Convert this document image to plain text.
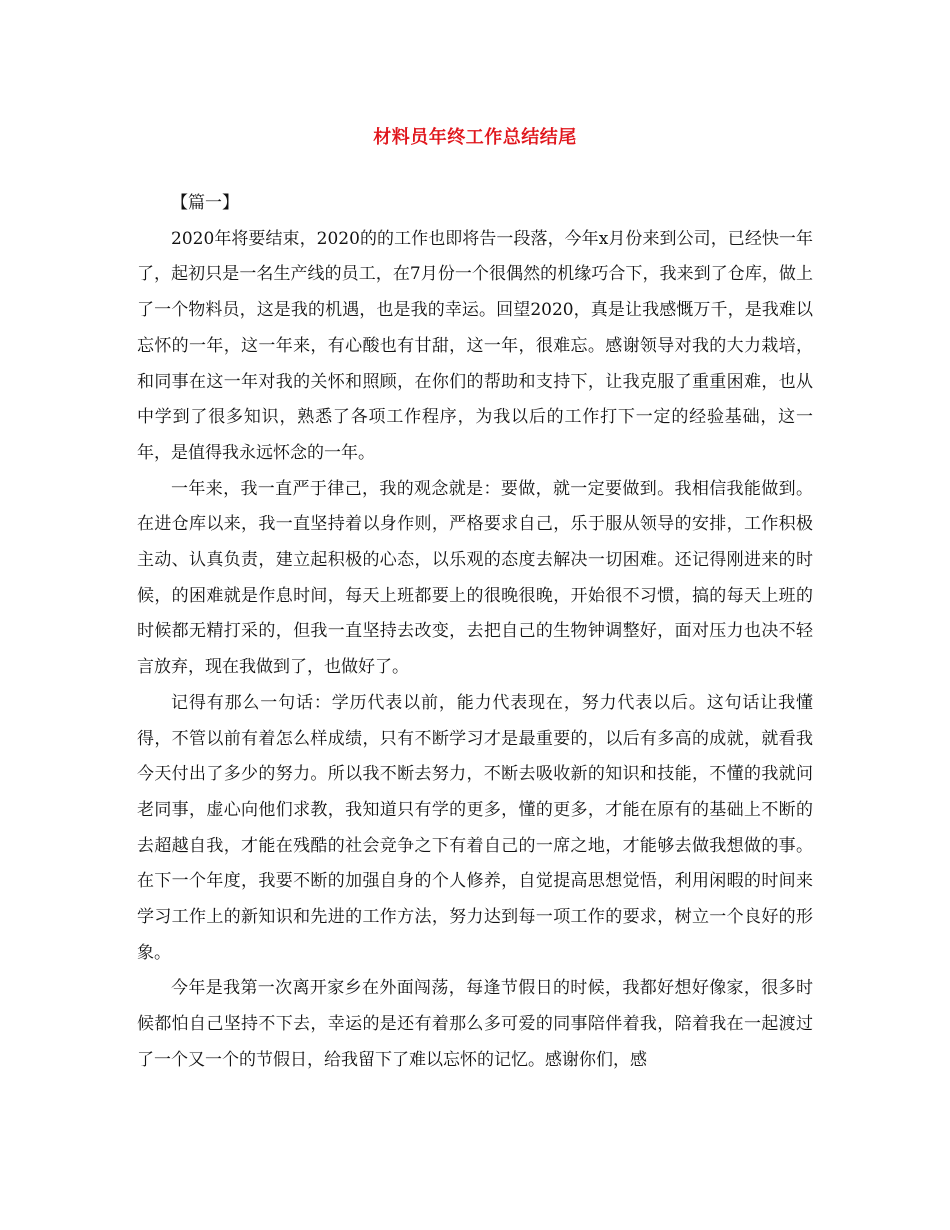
材料员年终工作总结结尾

【篇一】

2020年将要结束，2020的的工作也即将告一段落，今年x月份来到公司，已经快一年了，起初只是一名生产线的员工，在7月份一个很偶然的机缘巧合下，我来到了仓库，做上了一个物料员，这是我的机遇，也是我的幸运。回望2020，真是让我感慨万千，是我难以忘怀的一年，这一年来，有心酸也有甘甜，这一年，很难忘。感谢领导对我的大力栽培，和同事在这一年对我的关怀和照顾，在你们的帮助和支持下，让我克服了重重困难，也从中学到了很多知识，熟悉了各项工作程序，为我以后的工作打下一定的经验基础，这一年，是值得我永远怀念的一年。

一年来，我一直严于律己，我的观念就是：要做，就一定要做到。我相信我能做到。在进仓库以来，我一直坚持着以身作则，严格要求自己，乐于服从领导的安排，工作积极主动、认真负责，建立起积极的心态，以乐观的态度去解决一切困难。还记得刚进来的时候，的困难就是作息时间，每天上班都要上的很晚很晚，开始很不习惯，搞的每天上班的时候都无精打采的，但我一直坚持去改变，去把自己的生物钟调整好，面对压力也决不轻言放弃，现在我做到了，也做好了。

记得有那么一句话：学历代表以前，能力代表现在，努力代表以后。这句话让我懂得，不管以前有着怎么样成绩，只有不断学习才是最重要的，以后有多高的成就，就看我今天付出了多少的努力。所以我不断去努力，不断去吸收新的知识和技能，不懂的我就问老同事，虚心向他们求教，我知道只有学的更多，懂的更多，才能在原有的基础上不断的去超越自我，才能在残酷的社会竞争之下有着自己的一席之地，才能够去做我想做的事。在下一个年度，我要不断的加强自身的个人修养，自觉提高思想觉悟，利用闲暇的时间来学习工作上的新知识和先进的工作方法，努力达到每一项工作的要求，树立一个良好的形象。

今年是我第一次离开家乡在外面闯荡，每逢节假日的时候，我都好想好像家，很多时候都怕自己坚持不下去，幸运的是还有着那么多可爱的同事陪伴着我，陪着我在一起渡过了一个又一个的节假日，给我留下了难以忘怀的记忆。感谢你们，感
